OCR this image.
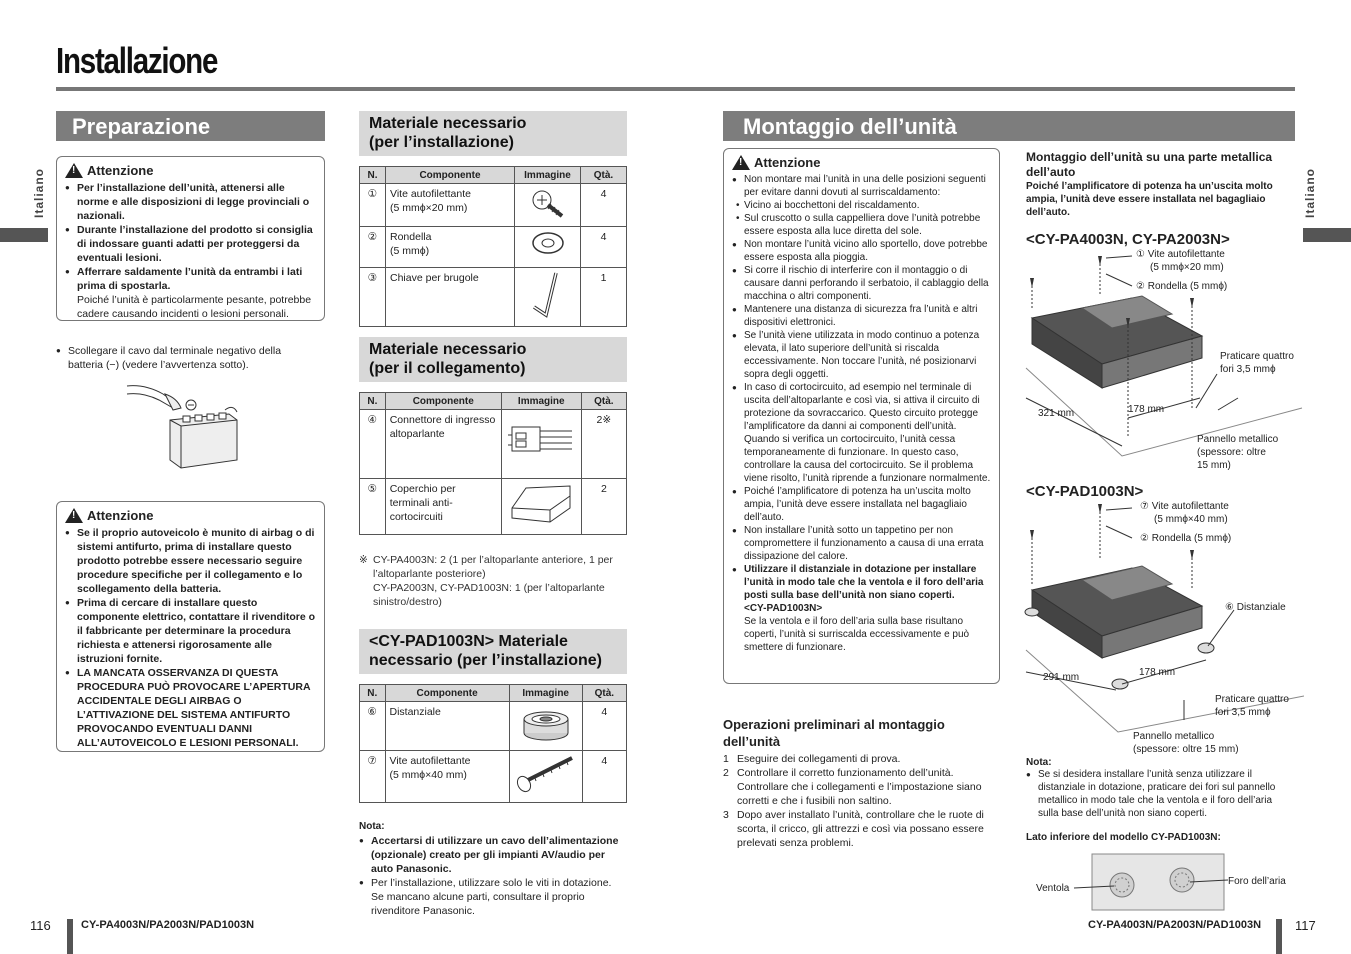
Installazione
Italiano	Italiano
Preparazione
!
Attenzione
● Per l’installazione dell’unità, attenersi alle norme e alle disposizioni di legge provinciali o nazionali.
● Durante l’installazione del prodotto si consiglia di indossare guanti adatti per proteggersi da eventuali lesioni.
● Afferrare saldamente l’unità da entrambi i lati prima di spostarla.
Poiché l’unità è particolarmente pesante, potrebbe cadere causando incidenti o lesioni personali.
● Scollegare il cavo dal terminale negativo della batteria (−) (vedere l’avvertenza sotto).
!
Attenzione
● Se il proprio autoveicolo è munito di airbag o di sistemi antifurto, prima di installare questo prodotto potrebbe essere necessario seguire procedure specifiche per il collegamento e lo scollegamento della batteria.
● Prima di cercare di installare questo componente elettrico, contattare il rivenditore o il fabbricante per determinare la procedura richiesta e attenersi rigorosamente alle istruzioni fornite.
● LA MANCATA OSSERVANZA DI QUESTA PROCEDURA PUÒ PROVOCARE L’APERTURA ACCIDENTALE DEGLI AIRBAG O L’ATTIVAZIONE DEL SISTEMA ANTIFURTO PROVOCANDO EVENTUALI DANNI ALL’AUTOVEICOLO E LESIONI PERSONALI.
116	CY-PA4003N/PA2003N/PAD1003N
Materiale necessario
(per l’installazione)
N.	Componente	Immagine	Qtà.
①	Vite autofilettante
(5 mmϕ×20 mm)		4
②	Rondella
(5 mmϕ)		4
③	Chiave per brugole		1
Materiale necessario
(per il collegamento)
N.	Componente	Immagine	Qtà.
④	Connettore di ingresso altoparlante		2※
⑤	Coperchio per terminali anti-cortocircuiti		2
※ CY-PA4003N: 2 (1 per l’altoparlante anteriore, 1 per l’altoparlante posteriore)
CY-PA2003N, CY-PAD1003N: 1 (per l’altoparlante sinistro/destro)
<CY-PAD1003N> Materiale
necessario (per l’installazione)
N.	Componente	Immagine	Qtà.
⑥	Distanziale		4
⑦	Vite autofilettante
(5 mmϕ×40 mm)		4
Nota:
● Accertarsi di utilizzare un cavo dell’alimentazione (opzionale) creato per gli impianti AV/audio per auto Panasonic.
● Per l’installazione, utilizzare solo le viti in dotazione. Se mancano alcune parti, consultare il proprio rivenditore Panasonic.
Montaggio dell’unità
!
Attenzione
● Non montare mai l’unità in una delle posizioni seguenti per evitare danni dovuti al surriscaldamento:
• Vicino ai bocchettoni del riscaldamento.
• Sul cruscotto o sulla cappelliera dove l’unità potrebbe essere esposta alla luce diretta del sole.
● Non montare l’unità vicino allo sportello, dove potrebbe essere esposta alla pioggia.
● Si corre il rischio di interferire con il montaggio o di causare danni perforando il serbatoio, il cablaggio della macchina o altri componenti.
● Mantenere una distanza di sicurezza fra l’unità e altri dispositivi elettronici.
● Se l’unità viene utilizzata in modo continuo a potenza elevata, il lato superiore dell’unità si riscalda eccessivamente. Non toccare l’unità, né posizionarvi sopra degli oggetti.
● In caso di cortocircuito, ad esempio nel terminale di uscita dell’altoparlante e così via, si attiva il circuito di protezione da sovraccarico. Questo circuito protegge l’amplificatore da danni ai componenti dell’unità. Quando si verifica un cortocircuito, l’unità cessa temporaneamente di funzionare. In questo caso, controllare la causa del cortocircuito. Se il problema viene risolto, l’unità riprende a funzionare normalmente.
● Poiché l’amplificatore di potenza ha un’uscita molto ampia, l’unità deve essere installata nel bagagliaio dell’auto.
● Non installare l’unità sotto un tappetino per non compromettere il funzionamento a causa di una errata dissipazione del calore.
● Utilizzare il distanziale in dotazione per installare l’unità in modo tale che la ventola e il foro dell’aria posti sulla base dell’unità non siano coperti.
<CY-PAD1003N>
Se la ventola e il foro dell’aria sulla base risultano coperti, l’unità si surriscalda eccessivamente e può smettere di funzionare.
Operazioni preliminari al montaggio
dell’unità
1 Eseguire dei collegamenti di prova.
2 Controllare il corretto funzionamento dell’unità. Controllare che i collegamenti e l’impostazione siano corretti e che i fusibili non saltino.
3 Dopo aver installato l’unità, controllare che le ruote di scorta, il cricco, gli attrezzi e così via possano essere prelevati senza problemi.
Montaggio dell’unità su una parte metallica dell’auto
Poiché l’amplificatore di potenza ha un’uscita molto ampia, l’unità deve essere installata nel bagagliaio dell’auto.
<CY-PA4003N, CY-PA2003N>
① Vite autofilettante
(5 mmϕ×20 mm)
② Rondella (5 mmϕ)
Praticare quattro
fori 3,5 mmϕ
321 mm	178 mm
Pannello metallico
(spessore: oltre
15 mm)
<CY-PAD1003N>
⑦ Vite autofilettante
(5 mmϕ×40 mm)
② Rondella (5 mmϕ)
⑥ Distanziale
291 mm	178 mm
Praticare quattro
fori 3,5 mmϕ
Pannello metallico
(spessore: oltre 15 mm)
Nota:
● Se si desidera installare l’unità senza utilizzare il distanziale in dotazione, praticare dei fori sul pannello metallico in modo tale che la ventola e il foro dell’aria sulla base dell’unità non siano coperti.
Lato inferiore del modello CY-PAD1003N:
Ventola
Foro dell’aria
CY-PA4003N/PA2003N/PAD1003N	117
